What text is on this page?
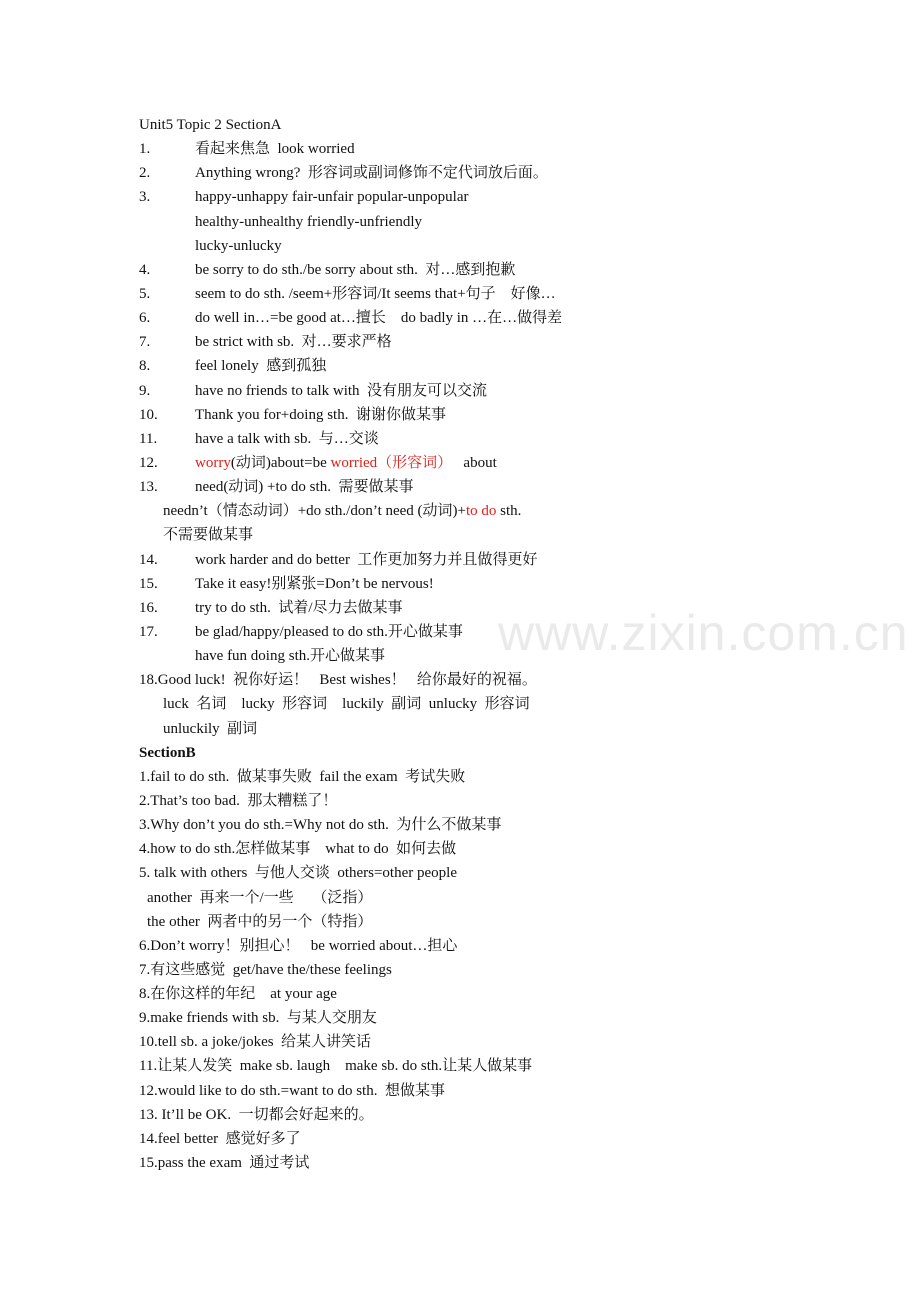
Unit5 Topic 2 SectionA
1.	看起来焦急  look worried
2.	Anything wrong?  形容词或副词修饰不定代词放后面。
3.	happy-unhappy fair-unfair popular-unpopular
healthy-unhealthy friendly-unfriendly
lucky-unlucky
4.	be sorry to do sth./be sorry about sth.  对…感到抱歉
5.	seem to do sth. /seem+形容词/It seems that+句子    好像…
6.	do well in…=be good at…擅长    do badly in …在…做得差
7.	be strict with sb.  对…要求严格
8.	feel lonely  感到孤独
9.	have no friends to talk with  没有朋友可以交流
10. Thank you for+doing sth.  谢谢你做某事
11.	have a talk with sb.  与…交谈
12. worry(动词)about=be worried（形容词）   about
13. need(动词) +to do sth.  需要做某事
needn’t（情态动词）+do sth./don’t need (动词)+to do sth.
不需要做某事
14. work harder and do better  工作更加努力并且做得更好
15. Take it easy!别紧张=Don’t be nervous!
16. try to do sth.  试着/尽力去做某事
17. be glad/happy/pleased to do sth.开心做某事
have fun doing sth.开心做某事
18.Good luck!  祝你好运！   Best wishes！   给你最好的祝福。
luck  名词    lucky  形容词    luckily  副词  unlucky  形容词
unluckily  副词
SectionB
1.fail to do sth.  做某事失败  fail the exam  考试失败
2.That’s too bad.  那太糟糕了！
3.Why don’t you do sth.=Why not do sth.  为什么不做某事
4.how to do sth.怎样做某事    what to do  如何去做
5. talk with others  与他人交谈  others=other people
another  再来一个/一些     （泛指）
the other  两者中的另一个（特指）
6.Don’t worry！别担心！   be worried about…担心
7.有这些感觉  get/have the/these feelings
8.在你这样的年纪    at your age
9.make friends with sb.  与某人交朋友
10.tell sb. a joke/jokes  给某人讲笑话
11.让某人发笑  make sb. laugh    make sb. do sth.让某人做某事
12.would like to do sth.=want to do sth.  想做某事
13. It’ll be OK.  一切都会好起来的。
14.feel better  感觉好多了
15.pass the exam  通过考试
www.zixin.com.cn
